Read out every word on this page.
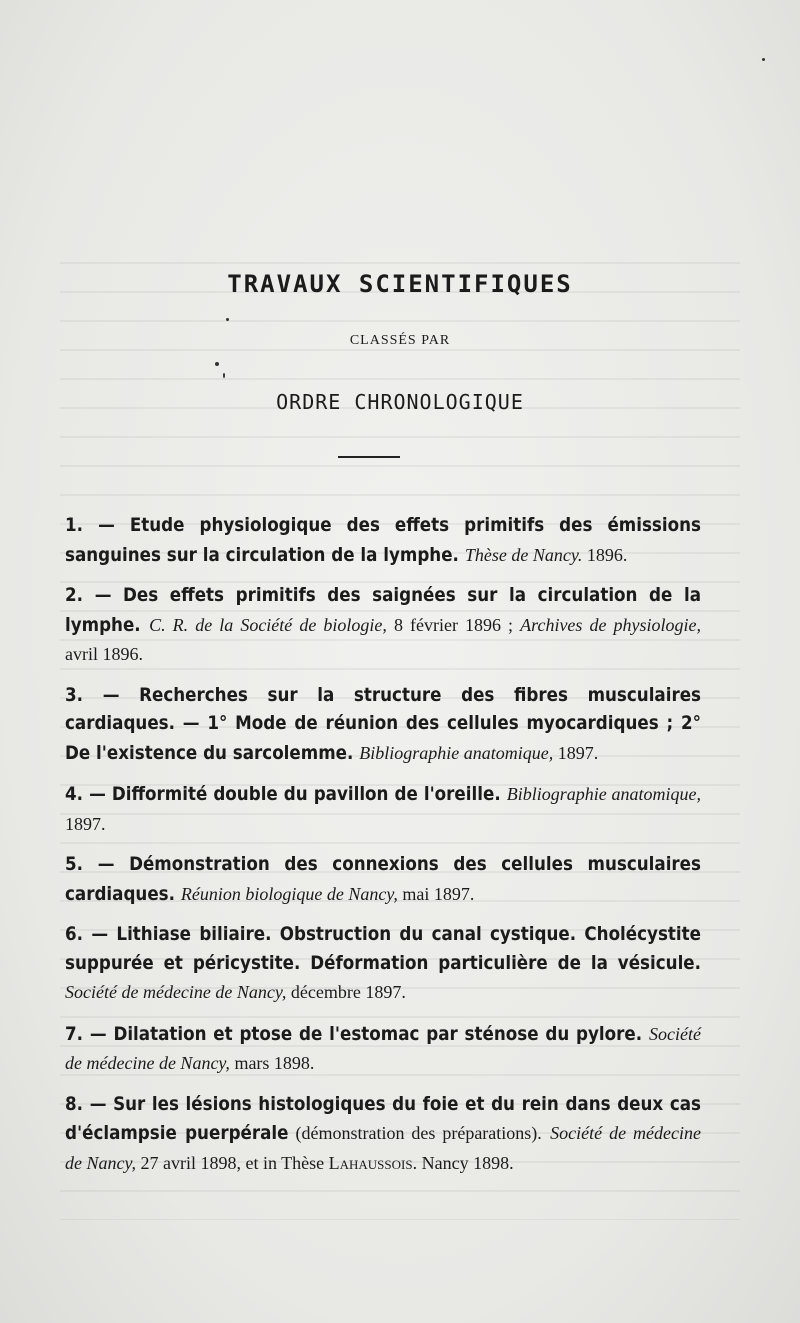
TRAVAUX SCIENTIFIQUES
CLASSÉS PAR
ORDRE CHRONOLOGIQUE
1. — Etude physiologique des effets primitifs des émissions sanguines sur la circulation de la lymphe. Thèse de Nancy. 1896.
2. — Des effets primitifs des saignées sur la circulation de la lymphe. C. R. de la Société de biologie, 8 février 1896 ; Archives de physiologie, avril 1896.
3. — Recherches sur la structure des fibres musculaires cardiaques. — 1° Mode de réunion des cellules myocardiques ; 2° De l'existence du sarcolemme. Bibliographie anatomique, 1897.
4. — Difformité double du pavillon de l'oreille. Bibliographie anatomique, 1897.
5. — Démonstration des connexions des cellules musculaires cardiaques. Réunion biologique de Nancy, mai 1897.
6. — Lithiase biliaire. Obstruction du canal cystique. Cholécystite suppurée et péricystite. Déformation particulière de la vésicule. Société de médecine de Nancy, décembre 1897.
7. — Dilatation et ptose de l'estomac par sténose du pylore. Société de médecine de Nancy, mars 1898.
8. — Sur les lésions histologiques du foie et du rein dans deux cas d'éclampsie puerpérale (démonstration des préparations). Société de médecine de Nancy, 27 avril 1898, et in Thèse Lahaussois. Nancy 1898.
